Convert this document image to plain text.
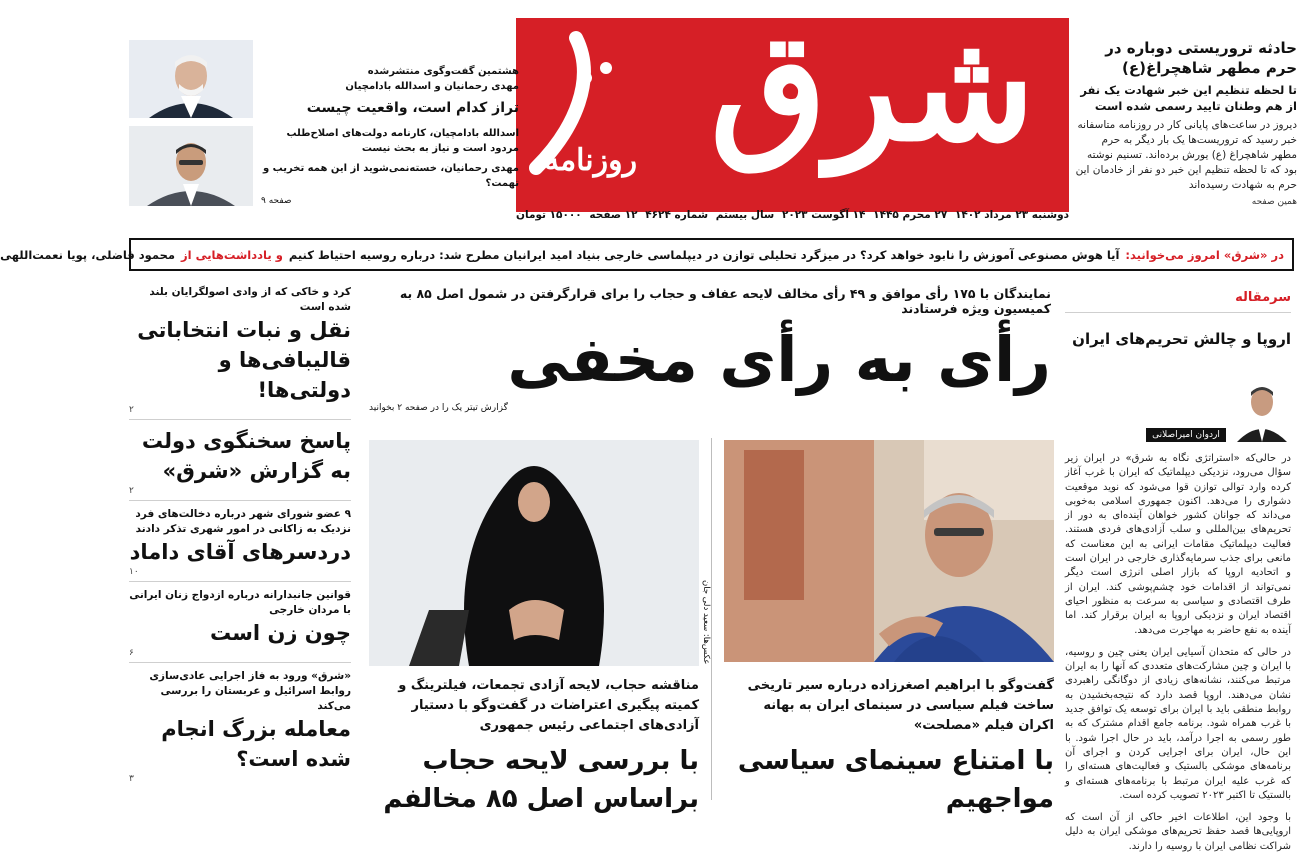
حادثه تروریستی دوباره در حرم مطهر شاهچراغ(ع)
تا لحظه تنظیم این خبر شهادت یک نفر از هم وطنان تایید رسمی شده است
دیروز در ساعت‌های پایانی کار در روزنامه متاسفانه خبر رسید که تروریست‌ها یک بار دیگر به حرم مطهر شاهچراغ (ع) یورش برده‌اند. تسنیم نوشته بود که تا لحظه تنظیم این خبر دو نفر از خادمان این حرم به شهادت رسیده‌اند
همین صفحه
شرق
روزنامه
دوشنبه ۲۳ مرداد ۱۴۰۲
۲۷ محرم ۱۴۴۵
۱۴ آگوست ۲۰۲۳
سال بیستم
شماره ۴۶۲۴
۱۲ صفحه
۱۵۰۰۰ تومان
هشتمین گفت‌وگوی منتشرشده
مهدی رحمانیان و اسدالله بادامچیان
تراز کدام است، واقعیت چیست
اسدالله بادامچیان، کارنامه دولت‌های اصلاح‌طلب مردود است و نیاز به بحث نیست
مهدی رحمانیان، خسته‌نمی‌شوید از این همه تخریب و تهمت؟
صفحه ۹
در «شرق» امروز می‌خوانید:
آیا هوش مصنوعی آموزش را نابود خواهد کرد؟ در میزگرد تحلیلی توازن در دیپلماسی خارجی بنیاد امید ایرانیان مطرح شد: درباره روسیه احتیاط کنیم
و یادداشت‌هایی از
محمود فاضلی، پویا نعمت‌اللهی
کرد و خاکی که از وادی اصولگرایان بلند شده است
نقل و نبات انتخاباتی قالیبافی‌ها و دولتی‌ها!
۲
پاسخ سخنگوی دولت به گزارش «شرق»
۲
۹ عضو شورای شهر درباره دخالت‌های فرد نزدیک به زاکانی در امور شهری تذکر دادند
دردسرهای آقای داماد
۱۰
قوانین جانبدارانه درباره ازدواج زنان ایرانی با مردان خارجی
چون زن است
۶
«شرق» ورود به فاز اجرایی عادی‌سازی روابط اسرائیل و عربستان را بررسی می‌کند
معامله بزرگ انجام شده است؟
۳
نمایندگان با ۱۷۵ رأی موافق و ۴۹ رأی مخالف لایحه عفاف و حجاب را برای قرارگرفتن در شمول اصل ۸۵ به کمیسیون ویژه فرستادند
رأی به رأی مخفی
گزارش تیتر یک را در صفحه ۲ بخوانید
عکس‌ها: سعید دلی جان
گفت‌وگو با ابراهیم اصغرزاده درباره سیر تاریخی ساخت فیلم سیاسی در سینمای ایران به بهانه اکران فیلم «مصلحت»
با امتناع سینمای سیاسی مواجهیم
مناقشه حجاب، لایحه آزادی تجمعات، فیلترینگ و کمیته پیگیری اعتراضات در گفت‌وگو با دستیار آزادی‌های اجتماعی رئیس جمهوری
با بررسی لایحه حجاب براساس اصل ۸۵ مخالفم
سرمقاله
اروپا و چالش تحریم‌های ایران
اردوان امیراصلانی

در حالی‌که «استراتژی نگاه به شرق» در ایران زیر سؤال می‌رود، نزدیکی دیپلماتیک که ایران با غرب آغاز کرده وارد توالی توازن قوا می‌شود که نوید موقعیت دشواری را می‌دهد. اکنون جمهوری اسلامی به‌خوبی می‌داند که جوانان کشور خواهان آینده‌ای به دور از تحریم‌های بین‌المللی و سلب آزادی‌های فردی هستند. فعالیت دیپلماتیک مقامات ایرانی به این معناست که مانعی برای جذب سرمایه‌گذاری خارجی در ایران است و اتحادیه اروپا که بازار اصلی انرژی است دیگر نمی‌تواند از اقدامات خود چشم‌پوشی کند. ایران از طرف اقتصادی و سیاسی به سرعت به منظور احیای اقتصاد ایران و نزدیکی اروپا به ایران برقرار کند. اما آینده به نفع حاضر به مهاجرت می‌دهد.

در حالی که متحدان آسیایی ایران یعنی چین و روسیه، با ایران و چین مشارکت‌های متعددی که آنها را به ایران مرتبط می‌کنند، نشانه‌های زیادی از دوگانگی راهبردی نشان می‌دهند. اروپا قصد دارد که نتیجه‌بخشیدن به روابط منطقی باید با ایران برای توسعه یک توافق جدید با غرب همراه شود. برنامه جامع اقدام مشترک که به طور رسمی به اجرا درآمد، باید در حال اجرا شود. با این حال، ایران برای اجرایی کردن و اجرای آن برنامه‌های موشکی بالستیک و فعالیت‌های هسته‌ای را که غرب علیه ایران مرتبط با برنامه‌های هسته‌ای و بالستیک تا اکتبر ۲۰۲۳ تصویب کرده است.

با وجود این، اطلاعات اخیر حاکی از آن است که اروپایی‌ها قصد حفظ تحریم‌های موشکی ایران به دلیل شراکت نظامی ایران با روسیه را دارند.
